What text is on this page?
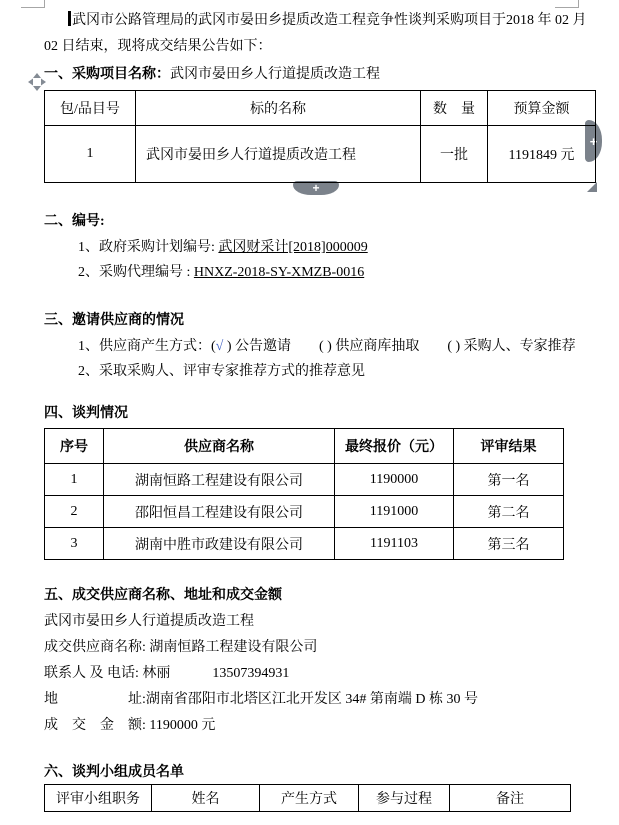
+
+

武冈市公路管理局的武冈市晏田乡提质改造工程竞争性谈判采购项目于2018 年 02 月 02 日结束，现将成交结果公告如下：

一、采购项目名称：武冈市晏田乡人行道提质改造工程
包/品目号	标的名称	数　量	预算金额
1	武冈市晏田乡人行道提质改造工程	一批	1191849 元
二、编号:
1、政府采购计划编号: 武冈财采计[2018]000009
2、采购代理编号 : HNXZ-2018-SY-XMZB-0016
三、邀请供应商的情况
1、供应商产生方式：(√ ) 公告邀请　　( ) 供应商库抽取　　( ) 采购人、专家推荐
2、采取采购人、评审专家推荐方式的推荐意见
四、谈判情况
序号	供应商名称	最终报价（元）	评审结果
1	湖南恒路工程建设有限公司	1190000	第一名
2	邵阳恒昌工程建设有限公司	1191000	第二名
3	湖南中胜市政建设有限公司	1191103	第三名
五、成交供应商名称、地址和成交金额
武冈市晏田乡人行道提质改造工程
成交供应商名称: 湖南恒路工程建设有限公司
联系人 及 电话: 林丽　　　13507394931
地　　　　　址:湖南省邵阳市北塔区江北开发区 34# 第南端 D 栋 30 号
成　交　金　额: 1190000 元
六、谈判小组成员名单
评审小组职务	姓名	产生方式	参与过程	备注
